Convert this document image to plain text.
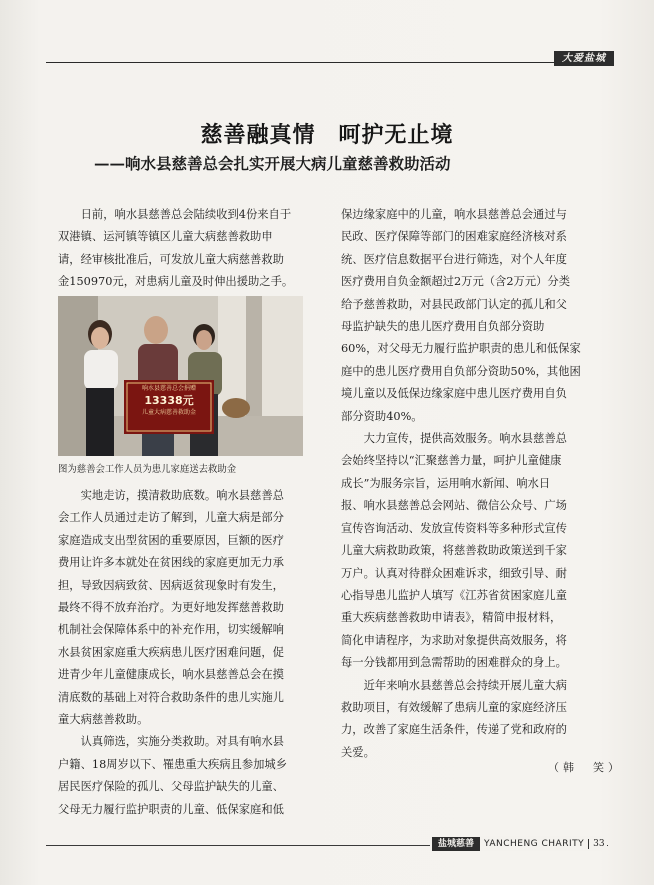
大爱盐城
慈善融真情　呵护无止境
——响水县慈善总会扎实开展大病儿童慈善救助活动

　　日前，响水县慈善总会陆续收到4份来自于

双港镇、运河镇等镇区儿童大病慈善救助申

请，经审核批准后，可发放儿童大病慈善救助

金150970元，对患病儿童及时伸出援助之手。

响水县慈善总会捐赠
13338元
儿童大病慈善救助金
图为慈善会工作人员为患儿家庭送去救助金

　　实地走访，摸清救助底数。响水县慈善总

会工作人员通过走访了解到，儿童大病是部分

家庭造成支出型贫困的重要原因，巨额的医疗

费用让许多本就处在贫困线的家庭更加无力承

担，导致因病致贫、因病返贫现象时有发生，

最终不得不放弃治疗。为更好地发挥慈善救助

机制社会保障体系中的补充作用，切实缓解响

水县贫困家庭重大疾病患儿医疗困难问题，促

进青少年儿童健康成长，响水县慈善总会在摸

清底数的基础上对符合救助条件的患儿实施儿

童大病慈善救助。

　　认真筛选，实施分类救助。对具有响水县

户籍、18周岁以下、罹患重大疾病且参加城乡

居民医疗保险的孤儿、父母监护缺失的儿童、

父母无力履行监护职责的儿童、低保家庭和低

保边缘家庭中的儿童，响水县慈善总会通过与

民政、医疗保障等部门的困难家庭经济核对系

统、医疗信息数据平台进行筛选，对个人年度

医疗费用自负金额超过2万元（含2万元）分类

给予慈善救助，对县民政部门认定的孤儿和父

母监护缺失的患儿医疗费用自负部分资助

60%，对父母无力履行监护职责的患儿和低保家

庭中的患儿医疗费用自负部分资助50%，其他困

境儿童以及低保边缘家庭中患儿医疗费用自负

部分资助40%。

　　大力宣传，提供高效服务。响水县慈善总

会始终坚持以“汇聚慈善力量，呵护儿童健康

成长”为服务宗旨，运用响水新闻、响水日

报、响水县慈善总会网站、微信公众号、广场

宣传咨询活动、发放宣传资料等多种形式宣传

儿童大病救助政策，将慈善救助政策送到千家

万户。认真对待群众困难诉求，细致引导、耐

心指导患儿监护人填写《江苏省贫困家庭儿童

重大疾病慈善救助申请表》，精简申报材料，

简化申请程序，为求助对象提供高效服务，将

每一分钱都用到急需帮助的困难群众的身上。

　　近年来响水县慈善总会持续开展儿童大病

救助项目，有效缓解了患病儿童的家庭经济压

力，改善了家庭生活条件，传递了党和政府的

关爱。

（韩　笑）
盐城慈善	YANCHENG CHARITY	33
